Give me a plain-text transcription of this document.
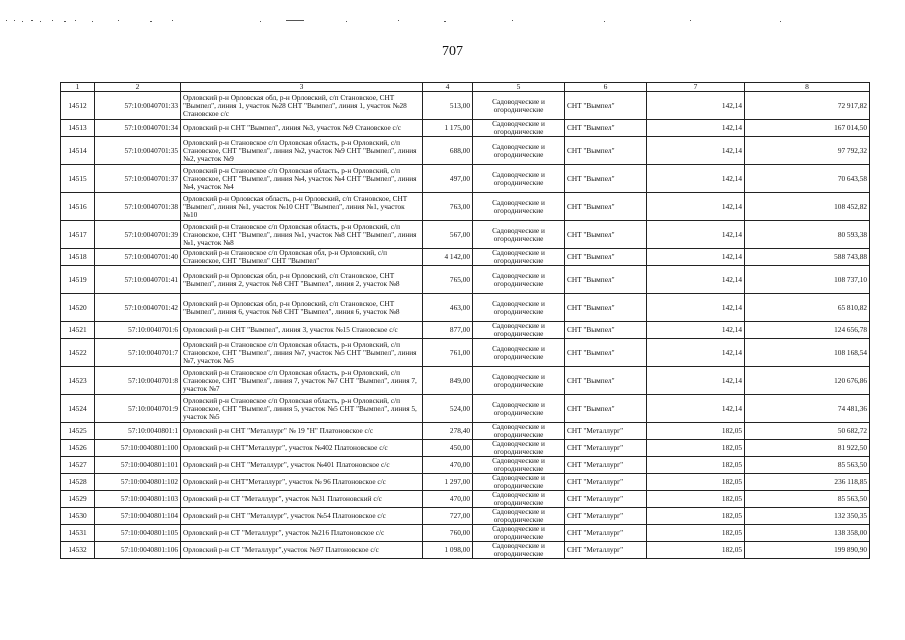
707
1	2	3	4	5	6	7	8
14512	57:10:0040701:33	Орловский р-н Орловская обл, р-н Орловский, с/п Становское, СНТ "Вымпел", линия 1, участок №28 СНТ "Вымпел", линия 1, участок №28 Становское с/с	513,00	Садоводческие и огороднические	СНТ "Вымпел"	142,14	72 917,82
14513	57:10:0040701:34	Орловский р-н СНТ "Вымпел", линия №3, участок №9 Становское с/с	1 175,00	Садоводческие и огороднические	СНТ "Вымпел"	142,14	167 014,50
14514	57:10:0040701:35	Орловский р-н Становское с/п Орловская область, р-н Орловский, с/п Становское, СНТ "Вымпел", линия №2, участок №9 СНТ "Вымпел", линия №2, участок №9	688,00	Садоводческие и огороднические	СНТ "Вымпел"	142,14	97 792,32
14515	57:10:0040701:37	Орловский р-н Становское с/п Орловская область, р-н Орловский, с/п Становское, СНТ "Вымпел", линия №4, участок №4 СНТ "Вымпел", линия №4, участок №4	497,00	Садоводческие и огороднические	СНТ "Вымпел"	142,14	70 643,58
14516	57:10:0040701:38	Орловский р-н Орловская область, р-н Орловский, с/п Становское, СНТ "Вымпел", линия №1, участок №10 СНТ "Вымпел", линия №1, участок №10	763,00	Садоводческие и огороднические	СНТ "Вымпел"	142,14	108 452,82
14517	57:10:0040701:39	Орловский р-н Становское с/п Орловская область, р-н Орловский, с/п Становское, СНТ "Вымпел", линия №1, участок №8 СНТ "Вымпел", линия №1, участок №8	567,00	Садоводческие и огороднические	СНТ "Вымпел"	142,14	80 593,38
14518	57:10:0040701:40	Орловский р-н Становское с/п Орловская обл, р-н Орловский, с/п Становское, СНТ "Вымпел" СНТ "Вымпел"	4 142,00	Садоводческие и огороднические	СНТ "Вымпел"	142,14	588 743,88
14519	57:10:0040701:41	Орловский р-н Орловская обл, р-н Орловский, с/п Становское, СНТ "Вымпел", линия 2, участок №8 СНТ "Вымпел", линия 2, участок №8	765,00	Садоводческие и огороднические	СНТ "Вымпел"	142,14	108 737,10
14520	57:10:0040701:42	Орловский р-н Орловская обл, р-н Орловский, с/п Становское, СНТ "Вымпел", линия 6, участок №8 СНТ "Вымпел", линия 6, участок №8	463,00	Садоводческие и огороднические	СНТ "Вымпел"	142,14	65 810,82
14521	57:10:0040701:6	Орловский р-н СНТ "Вымпел", линия 3, участок №15 Становское с/с	877,00	Садоводческие и огороднические	СНТ "Вымпел"	142,14	124 656,78
14522	57:10:0040701:7	Орловский р-н Становское с/п Орловская область, р-н Орловский, с/п Становское, СНТ "Вымпел", линия №7, участок №5 СНТ "Вымпел", линия №7, участок №5	761,00	Садоводческие и огороднические	СНТ "Вымпел"	142,14	108 168,54
14523	57:10:0040701:8	Орловский р-н Становское с/п Орловская область, р-н Орловский, с/п Становское, СНТ "Вымпел", линия 7, участок №7 СНТ "Вымпел", линия 7, участок №7	849,00	Садоводческие и огороднические	СНТ "Вымпел"	142,14	120 676,86
14524	57:10:0040701:9	Орловский р-н Становское с/п Орловская область, р-н Орловский, с/п Становское, СНТ "Вымпел", линия 5, участок №5 СНТ "Вымпел", линия 5, участок №5	524,00	Садоводческие и огороднические	СНТ "Вымпел"	142,14	74 481,36
14525	57:10:0040801:1	Орловский р-н СНТ "Металлург" № 19 "Н" Платоновское с/с	278,40	Садоводческие и огороднические	СНТ "Металлург"	182,05	50 682,72
14526	57:10:0040801:100	Орловский р-н СНТ"Металлург", участок №402 Платоновское с/с	450,00	Садоводческие и огороднические	СНТ "Металлург"	182,05	81 922,50
14527	57:10:0040801:101	Орловский р-н СНТ "Металлург", участок №401 Платоновское с/с	470,00	Садоводческие и огороднические	СНТ "Металлург"	182,05	85 563,50
14528	57:10:0040801:102	Орловский р-н СНТ"Металлург", участок № 96 Платоновское с/с	1 297,00	Садоводческие и огороднические	СНТ "Металлург"	182,05	236 118,85
14529	57:10:0040801:103	Орловский р-н СТ "Металлург", участок №31 Платоновский с/с	470,00	Садоводческие и огороднические	СНТ "Металлург"	182,05	85 563,50
14530	57:10:0040801:104	Орловский р-н СНТ "Металлург", участок №54 Платоновское с/с	727,00	Садоводческие и огороднические	СНТ "Металлург"	182,05	132 350,35
14531	57:10:0040801:105	Орловский р-н СТ "Металлург", участок №216 Платоновское с/с	760,00	Садоводческие и огороднические	СНТ "Металлург"	182,05	138 358,00
14532	57:10:0040801:106	Орловский р-н СТ "Металлург",участок №97 Платоновское с/с	1 098,00	Садоводческие и огороднические	СНТ "Металлург"	182,05	199 890,90
